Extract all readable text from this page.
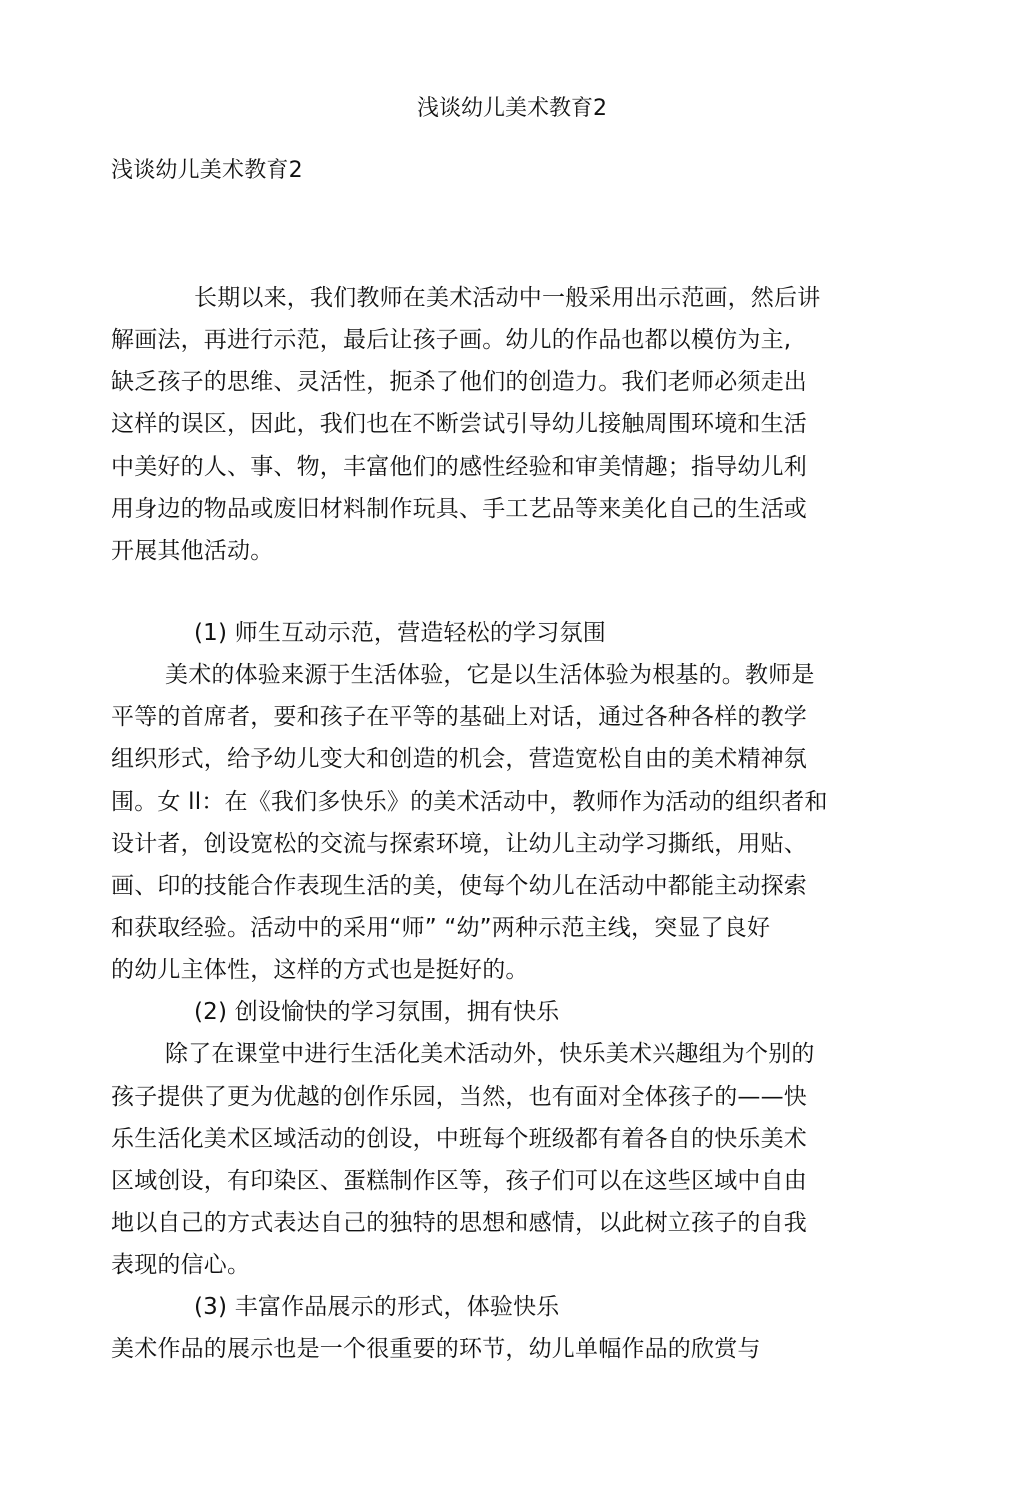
浅谈幼儿美术教育2
浅谈幼儿美术教育2
长期以来，我们教师在美术活动中一般采用出示范画，然后讲
解画法，再进行示范，最后让孩子画。幼儿的作品也都以模仿为主,
缺乏孩子的思维、灵活性，扼杀了他们的创造力。我们老师必须走出
这样的误区，因此，我们也在不断尝试引导幼儿接触周围环境和生活
中美好的人、事、物，丰富他们的感性经验和审美情趣；指导幼儿利
用身边的物品或废旧材料制作玩具、手工艺品等来美化自己的生活或
开展其他活动。
(1) 师生互动示范，营造轻松的学习氛围
美术的体验来源于生活体验，它是以生活体验为根基的。教师是
平等的首席者，要和孩子在平等的基础上对话，通过各种各样的教学
组织形式，给予幼儿变大和创造的机会，营造宽松自由的美术精神氛
围。女 ll：在《我们多快乐》的美术活动中，教师作为活动的组织者和
设计者，创设宽松的交流与探索环境，让幼儿主动学习撕纸，用贴、
画、印的技能合作表现生活的美，使每个幼儿在活动中都能主动探索
和获取经验。活动中的采用“师” “幼”两种示范主线，突显了良好
的幼儿主体性，这样的方式也是挺好的。
(2) 创设愉快的学习氛围，拥有快乐
除了在课堂中进行生活化美术活动外，快乐美术兴趣组为个别的
孩子提供了更为优越的创作乐园，当然，也有面对全体孩子的——快
乐生活化美术区域活动的创设，中班每个班级都有着各自的快乐美术
区域创设，有印染区、蛋糕制作区等，孩子们可以在这些区域中自由
地以自己的方式表达自己的独特的思想和感情，以此树立孩子的自我
表现的信心。
(3) 丰富作品展示的形式，体验快乐
美术作品的展示也是一个很重要的环节，幼儿单幅作品的欣赏与
